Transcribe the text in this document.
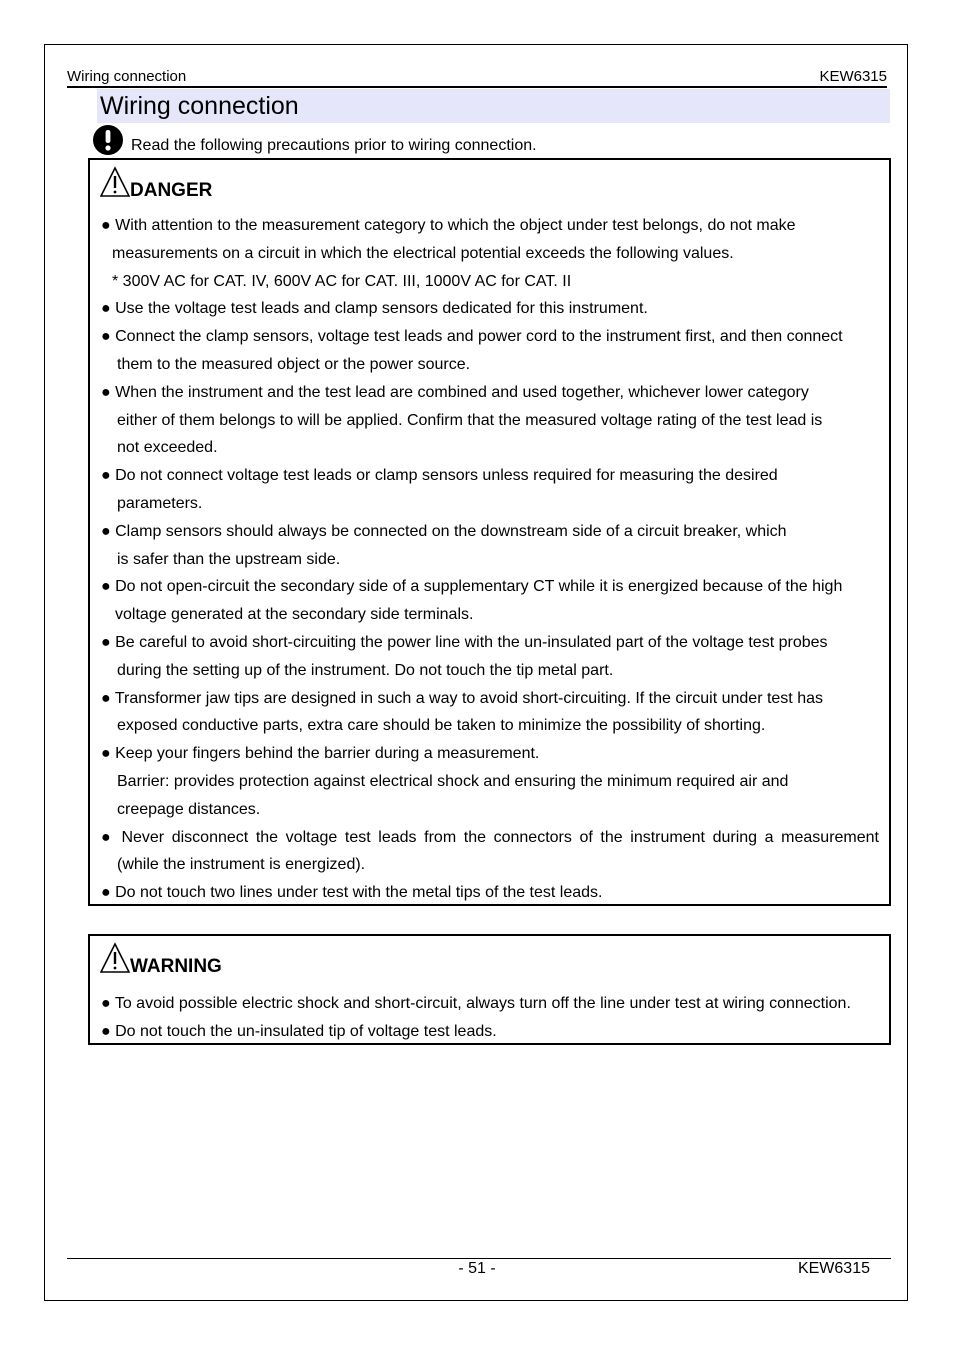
Wiring connection	KEW6315
Wiring connection
Read the following precautions prior to wiring connection.
DANGER
● With attention to the measurement category to which the object under test belongs, do not make
measurements on a circuit in which the electrical potential exceeds the following values.
* 300V AC for CAT. IV, 600V AC for CAT. III, 1000V AC for CAT. II
● Use the voltage test leads and clamp sensors dedicated for this instrument.
● Connect the clamp sensors, voltage test leads and power cord to the instrument first, and then connect
them to the measured object or the power source.
● When the instrument and the test lead are combined and used together, whichever lower category
either of them belongs to will be applied. Confirm that the measured voltage rating of the test lead is
not exceeded.
● Do not connect voltage test leads or clamp sensors unless required for measuring the desired
parameters.
● Clamp sensors should always be connected on the downstream side of a circuit breaker, which
is safer than the upstream side.
● Do not open-circuit the secondary side of a supplementary CT while it is energized because of the high
voltage generated at the secondary side terminals.
● Be careful to avoid short-circuiting the power line with the un-insulated part of the voltage test probes
during the setting up of the instrument. Do not touch the tip metal part.
● Transformer jaw tips are designed in such a way to avoid short-circuiting. If the circuit under test has
exposed conductive parts, extra care should be taken to minimize the possibility of shorting.
● Keep your fingers behind the barrier during a measurement.
Barrier: provides protection against electrical shock and ensuring the minimum required air and
creepage distances.
● Never disconnect the voltage test leads from the connectors of the instrument during a measurement
(while the instrument is energized).
● Do not touch two lines under test with the metal tips of the test leads.
WARNING
● To avoid possible electric shock and short-circuit, always turn off the line under test at wiring connection.
● Do not touch the un-insulated tip of voltage test leads.
- 51 -	KEW6315
